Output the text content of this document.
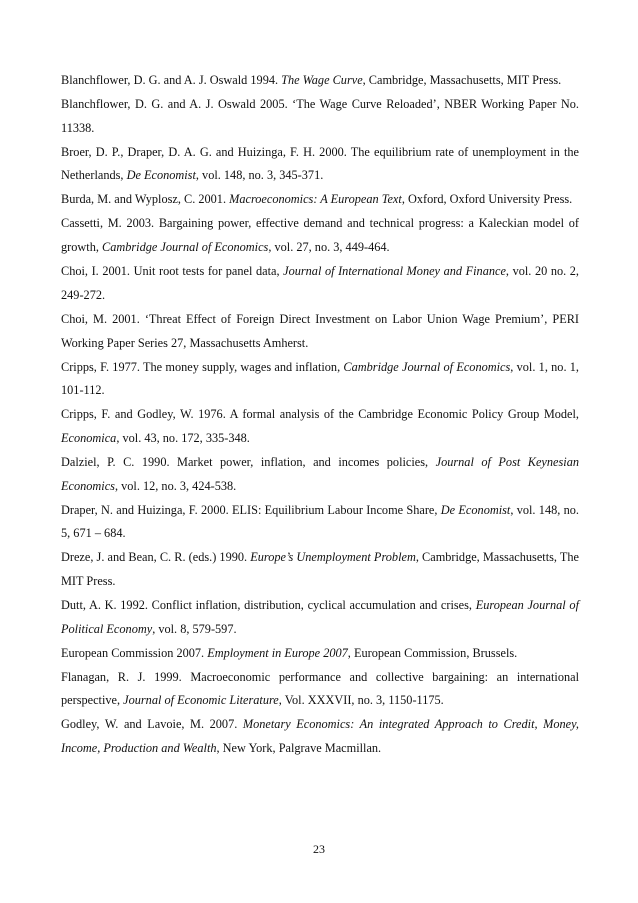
Blanchflower, D. G. and A. J. Oswald 1994. The Wage Curve, Cambridge, Massachusetts, MIT Press.

Blanchflower, D. G. and A. J. Oswald 2005. ‘The Wage Curve Reloaded’, NBER Working Paper No. 11338.

Broer, D. P., Draper, D. A. G. and Huizinga, F. H. 2000. The equilibrium rate of unemployment in the Netherlands, De Economist, vol. 148, no. 3, 345-371.

Burda, M. and Wyplosz, C. 2001. Macroeconomics: A European Text, Oxford, Oxford University Press.

Cassetti, M. 2003. Bargaining power, effective demand and technical progress: a Kaleckian model of growth, Cambridge Journal of Economics, vol. 27, no. 3, 449-464.

Choi, I. 2001. Unit root tests for panel data, Journal of International Money and Finance, vol. 20 no. 2, 249-272.

Choi, M. 2001. ‘Threat Effect of Foreign Direct Investment on Labor Union Wage Premium’, PERI Working Paper Series 27, Massachusetts Amherst.

Cripps, F. 1977. The money supply, wages and inflation, Cambridge Journal of Economics, vol. 1, no. 1, 101-112.

Cripps, F. and Godley, W. 1976. A formal analysis of the Cambridge Economic Policy Group Model, Economica, vol. 43, no. 172, 335-348.

Dalziel, P. C. 1990. Market power, inflation, and incomes policies, Journal of Post Keynesian Economics, vol. 12, no. 3, 424-538.

Draper, N. and Huizinga, F. 2000. ELIS: Equilibrium Labour Income Share, De Economist, vol. 148, no. 5, 671 – 684.

Dreze, J. and Bean, C. R. (eds.) 1990. Europe’s Unemployment Problem, Cambridge, Massachusetts, The MIT Press.

Dutt, A. K. 1992. Conflict inflation, distribution, cyclical accumulation and crises, European Journal of Political Economy, vol. 8, 579-597.

European Commission 2007. Employment in Europe 2007, European Commission, Brussels.

Flanagan, R. J. 1999. Macroeconomic performance and collective bargaining: an international perspective, Journal of Economic Literature, Vol. XXXVII, no. 3, 1150-1175.

Godley, W. and Lavoie, M. 2007. Monetary Economics: An integrated Approach to Credit, Money, Income, Production and Wealth, New York, Palgrave Macmillan.

23
